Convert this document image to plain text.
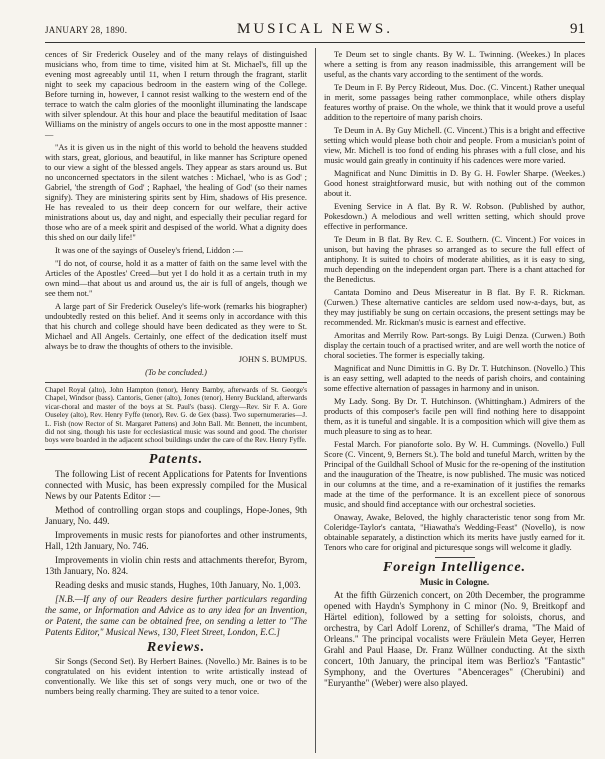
JANUARY 28, 1890.	MUSICAL NEWS.	91

cences of Sir Frederick Ouseley and of the many relays of distinguished musicians who, from time to time, visited him at St. Michael's, fill up the evening most agreeably until 11, when I return through the fragrant, starlit night to seek my capacious bedroom in the eastern wing of the College. Before turning in, however, I cannot resist walking to the western end of the terrace to watch the calm glories of the moonlight illuminating the landscape with silver splendour. At this hour and place the beautiful meditation of Isaac Williams on the ministry of angels occurs to one in the most appostte manner :—

"As it is given us in the night of this world to behold the heavens studded with stars, great, glorious, and beautiful, in like manner has Scripture opened to our view a sight of the blessed angels. They appear as stars around us. But no unconcerned spectators in the silent watches : Michael, 'who is as God' ; Gabriel, 'the strength of God' ; Raphael, 'the healing of God' (so their names signify). They are ministering spirits sent by Him, shadows of His presence. He has revealed to us their deep concern for our welfare, their active ministrations about us, day and night, and especially their peculiar regard for those who are of a meek spirit and despised of the world. What a dignity does this shed on our daily life!"

It was one of the sayings of Ouseley's friend, Liddon :—

"I do not, of course, hold it as a matter of faith on the same level with the Articles of the Apostles' Creed—but yet I do hold it as a certain truth in my own mind—that about us and around us, the air is full of angels, though we see them not."

A large part of Sir Frederick Ouseley's life-work (remarks his biographer) undoubtedly rested on this belief. And it seems only in accordance with this that his church and college should have been dedicated as they were to St. Michael and All Angels. Certainly, one effect of the dedication itself must always be to draw the thoughts of others to the invisible.

JOHN S. BUMPUS.
(To be concluded.)

Chapel Royal (alto), John Hampton (tenor), Henry Barnby, afterwards of St. George's Chapel, Windsor (bass). Cantoris, Gener (alto), Jones (tenor), Henry Buckland, afterwards vicar-choral and master of the boys at St. Paul's (bass). Clergy—Rev. Sir F. A. Gore Ouseley (alto), Rev. Henry Fyffe (tenor), Rev. G. de Gex (bass). Two supernumeraries—J. L. Fish (now Rector of St. Margaret Pattens) and John Ball. Mr. Bennett, the incumbent, did not sing, though his taste for ecclesiastical music was sound and good. The chorister boys were boarded in the adjacent school buildings under the care of the Rev. Henry Fyffe.

Patents.

The following List of recent Applications for Patents for Inventions connected with Music, has been expressly compiled for the Musical News by our Patents Editor :—

Method of controlling organ stops and couplings, Hope-Jones, 9th January, No. 449.

Improvements in music rests for pianofortes and other instruments, Hall, 12th January, No. 746.

Improvements in violin chin rests and attachments therefor, Byrom, 13th January, No. 824.

Reading desks and music stands, Hughes, 10th January, No. 1,003.

[N.B.—If any of our Readers desire further particulars regarding the same, or Information and Advice as to any idea for an Invention, or Patent, the same can be obtained free, on sending a letter to "The Patents Editor," Musical News, 130, Fleet Street, London, E.C.]

Reviews.

Sir Songs (Second Set). By Herbert Baines. (Novello.) Mr. Baines is to be congratulated on his evident intention to write artistically instead of conventionally. We like this set of songs very much, one or two of the numbers being really charming. They are suited to a tenor voice.

Te Deum set to single chants. By W. L. Twinning. (Weekes.) In places where a setting is from any reason inadmissible, this arrangement will be useful, as the chants vary according to the sentiment of the words.

Te Deum in F. By Percy Rideout, Mus. Doc. (C. Vincent.) Rather unequal in merit, some passages being rather commonplace, while others display features worthy of praise. On the whole, we think that it would prove a useful addition to the repertoire of many parish choirs.

Te Deum in A. By Guy Michell. (C. Vincent.) This is a bright and effective setting which would please both choir and people. From a musician's point of view, Mr. Michell is too fond of ending his phrases with a full close, and his music would gain greatly in continuity if his cadences were more varied.

Magnificat and Nunc Dimittis in D. By G. H. Fowler Sharpe. (Weekes.) Good honest straightforward music, but with nothing out of the common about it.

Evening Service in A flat. By R. W. Robson. (Published by author, Pokesdown.) A melodious and well written setting, which should prove effective in performance.

Te Deum in B flat. By Rev. C. E. Southern. (C. Vincent.) For voices in unison, but having the phrases so arranged as to secure the full effect of antiphony. It is suited to choirs of moderate abilities, as it is easy to sing, much depending on the independent organ part. There is a chant attached for the Benedictus.

Cantata Domino and Deus Misereatur in B flat. By F. R. Rickman. (Curwen.) These alternative canticles are seldom used now-a-days, but, as they may justifiably be sung on certain occasions, the present settings may be recommended. Mr. Rickman's music is earnest and effective.

Amoritas and Merrily Row. Part-songs. By Luigi Denza. (Curwen.) Both display the certain touch of a practised writer, and are well worth the notice of choral societies. The former is especially taking.

Magnificat and Nunc Dimittis in G. By Dr. T. Hutchinson. (Novello.) This is an easy setting, well adapted to the needs of parish choirs, and containing some effective alternation of passages in harmony and in unison.

My Lady. Song. By Dr. T. Hutchinson. (Whittingham.) Admirers of the products of this composer's facile pen will find nothing here to disappoint them, as it is tuneful and singable. It is a composition which will give them as much pleasure to sing as to hear.

Festal March. For pianoforte solo. By W. H. Cummings. (Novello.) Full Score (C. Vincent, 9, Berners St.). The bold and tuneful March, written by the Principal of the Guildhall School of Music for the re-opening of the institution and the inauguration of the Theatre, is now published. The music was noticed in our columns at the time, and a re-examination of it justifies the remarks made at the time of the performance. It is an excellent piece of sonorous music, and should find acceptance with our orchestral societies.

Onaway, Awake, Beloved, the highly characteristic tenor song from Mr. Coleridge-Taylor's cantata, "Hiawatha's Wedding-Feast" (Novello), is now obtainable separately, a distinction which its merits have justly earned for it. Tenors who care for original and picturesque songs will welcome it gladly.

Foreign Intelligence.
Music in Cologne.

At the fifth Gürzenich concert, on 20th December, the programme opened with Haydn's Symphony in C minor (No. 9, Breitkopf and Härtel edition), followed by a setting for soloists, chorus, and orchestra, by Carl Adolf Lorenz, of Schiller's drama, "The Maid of Orleans." The principal vocalists were Fräulein Meta Geyer, Herren Grahl and Paul Haase, Dr. Franz Wüllner conducting. At the sixth concert, 10th January, the principal item was Berlioz's "Fantastic" Symphony, and the Overtures "Abencerages" (Cherubini) and "Euryanthe" (Weber) were also played.
